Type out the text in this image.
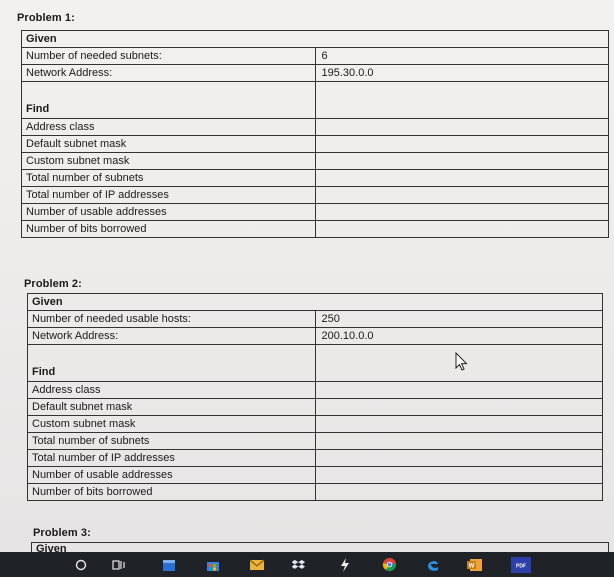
Problem 1:
Given	
Number of needed subnets:	6
Network Address:	195.30.0.0
Find	
Address class	
Default subnet mask	
Custom subnet mask	
Total number of subnets	
Total number of IP addresses	
Number of usable addresses	
Number of bits borrowed	
Problem 2:
Given	
Number of needed usable hosts:	250
Network Address:	200.10.0.0
Find	
Address class	
Default subnet mask	
Custom subnet mask	
Total number of subnets	
Total number of IP addresses	
Number of usable addresses	
Number of bits borrowed	
Problem 3:
Given
W	PDF
